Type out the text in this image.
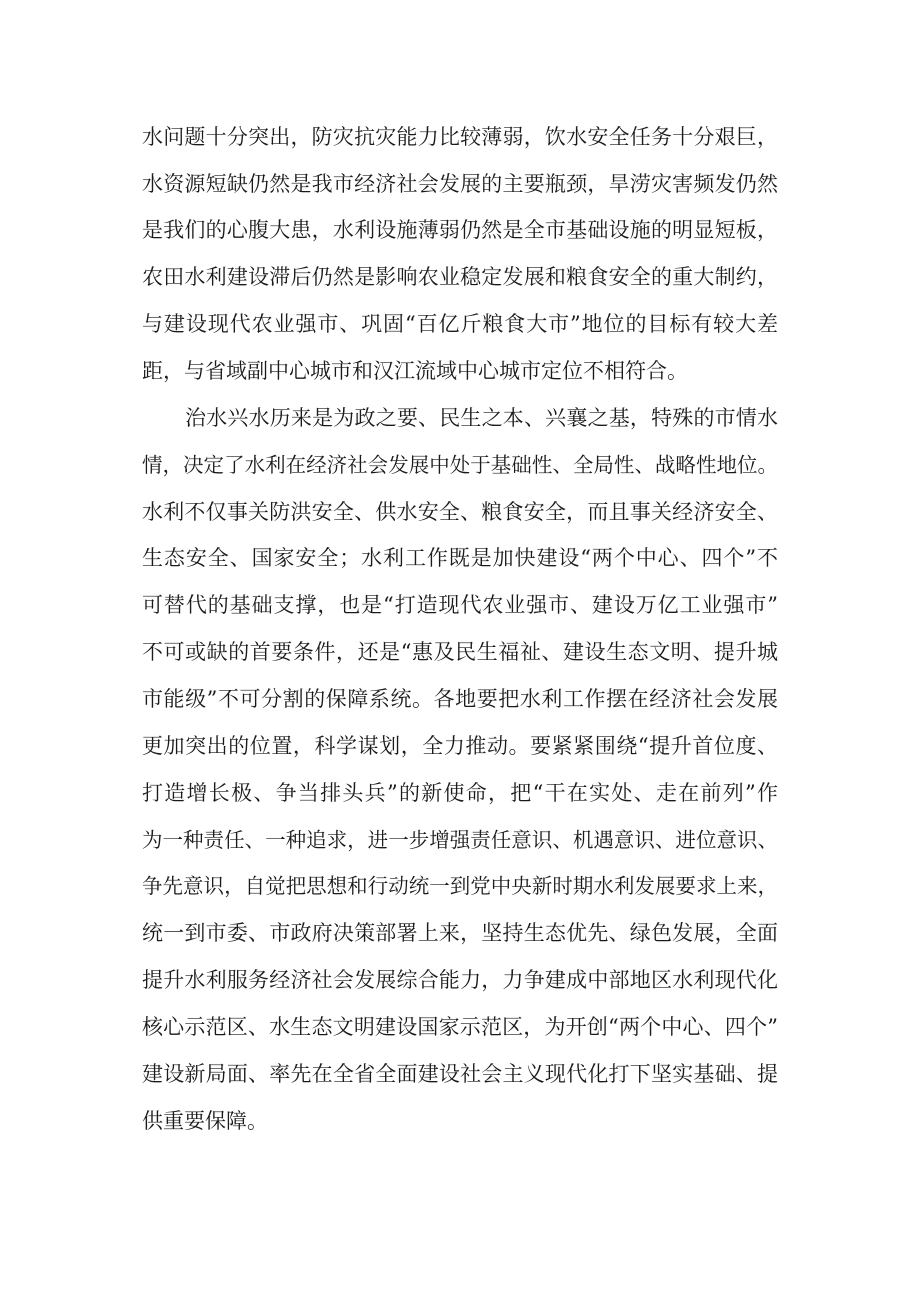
水问题十分突出，防灾抗灾能力比较薄弱，饮水安全任务十分艰巨，
水资源短缺仍然是我市经济社会发展的主要瓶颈，旱涝灾害频发仍然
是我们的心腹大患，水利设施薄弱仍然是全市基础设施的明显短板，
农田水利建设滞后仍然是影响农业稳定发展和粮食安全的重大制约，
与建设现代农业强市、巩固“百亿斤粮食大市”地位的目标有较大差
距，与省域副中心城市和汉江流域中心城市定位不相符合。
治水兴水历来是为政之要、民生之本、兴襄之基，特殊的市情水
情，决定了水利在经济社会发展中处于基础性、全局性、战略性地位。
水利不仅事关防洪安全、供水安全、粮食安全，而且事关经济安全、
生态安全、国家安全；水利工作既是加快建设“两个中心、四个”不
可替代的基础支撑，也是“打造现代农业强市、建设万亿工业强市”
不可或缺的首要条件，还是“惠及民生福祉、建设生态文明、提升城
市能级”不可分割的保障系统。各地要把水利工作摆在经济社会发展
更加突出的位置，科学谋划，全力推动。要紧紧围绕“提升首位度、
打造增长极、争当排头兵”的新使命，把“干在实处、走在前列”作
为一种责任、一种追求，进一步增强责任意识、机遇意识、进位意识、
争先意识，自觉把思想和行动统一到党中央新时期水利发展要求上来，
统一到市委、市政府决策部署上来，坚持生态优先、绿色发展，全面
提升水利服务经济社会发展综合能力，力争建成中部地区水利现代化
核心示范区、水生态文明建设国家示范区，为开创“两个中心、四个”
建设新局面、率先在全省全面建设社会主义现代化打下坚实基础、提
供重要保障。
